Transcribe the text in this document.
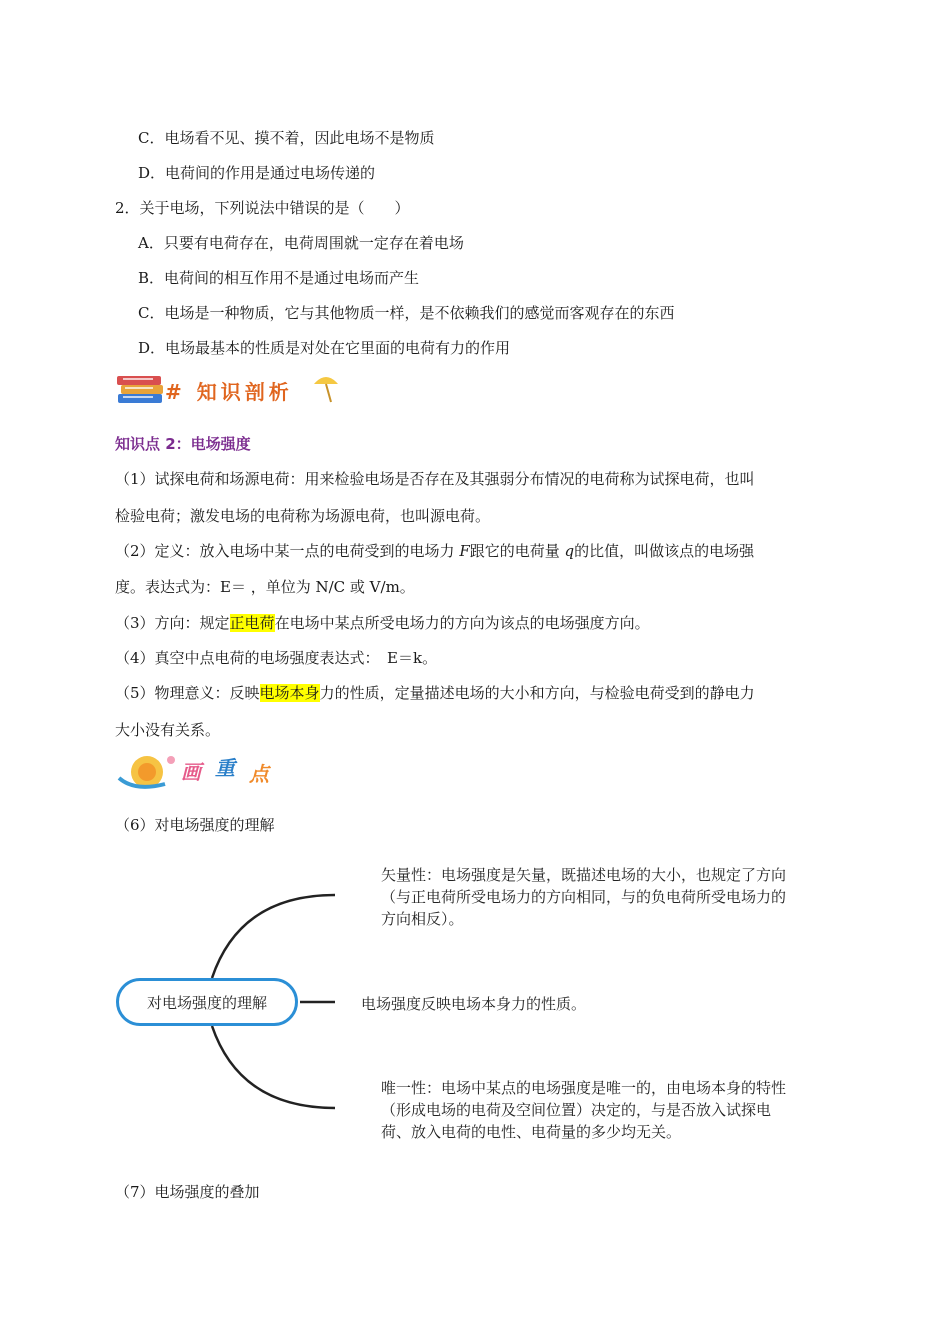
C．电场看不见、摸不着，因此电场不是物质
D．电荷间的作用是通过电场传递的
2．关于电场，下列说法中错误的是（　　）
A．只要有电荷存在，电荷周围就一定存在着电场
B．电荷间的相互作用不是通过电场而产生
C．电场是一种物质，它与其他物质一样，是不依赖我们的感觉而客观存在的东西
D．电场最基本的性质是对处在它里面的电荷有力的作用
# 知识剖析
知识点 2：电场强度
（1）试探电荷和场源电荷：用来检验电场是否存在及其强弱分布情况的电荷称为试探电荷，也叫
检验电荷；激发电场的电荷称为场源电荷，也叫源电荷。
（2）定义：放入电场中某一点的电荷受到的电场力 F跟它的电荷量 q的比值，叫做该点的电场强
度。表达式为：E＝ ，单位为 N/C 或 V/m。
（3）方向：规定正电荷在电场中某点所受电场力的方向为该点的电场强度方向。
（4）真空中点电荷的电场强度表达式：　E＝k。
（5）物理意义：反映电场本身力的性质，定量描述电场的大小和方向，与检验电荷受到的静电力
大小没有关系。
画 重 点
（6）对电场强度的理解
对电场强度的理解
矢量性：电场强度是矢量，既描述电场的大小，也规定了方向
（与正电荷所受电场力的方向相同，与的负电荷所受电场力的
方向相反）。
电场强度反映电场本身力的性质。
唯一性：电场中某点的电场强度是唯一的，由电场本身的特性
（形成电场的电荷及空间位置）决定的，与是否放入试探电
荷、放入电荷的电性、电荷量的多少均无关。
（7）电场强度的叠加
